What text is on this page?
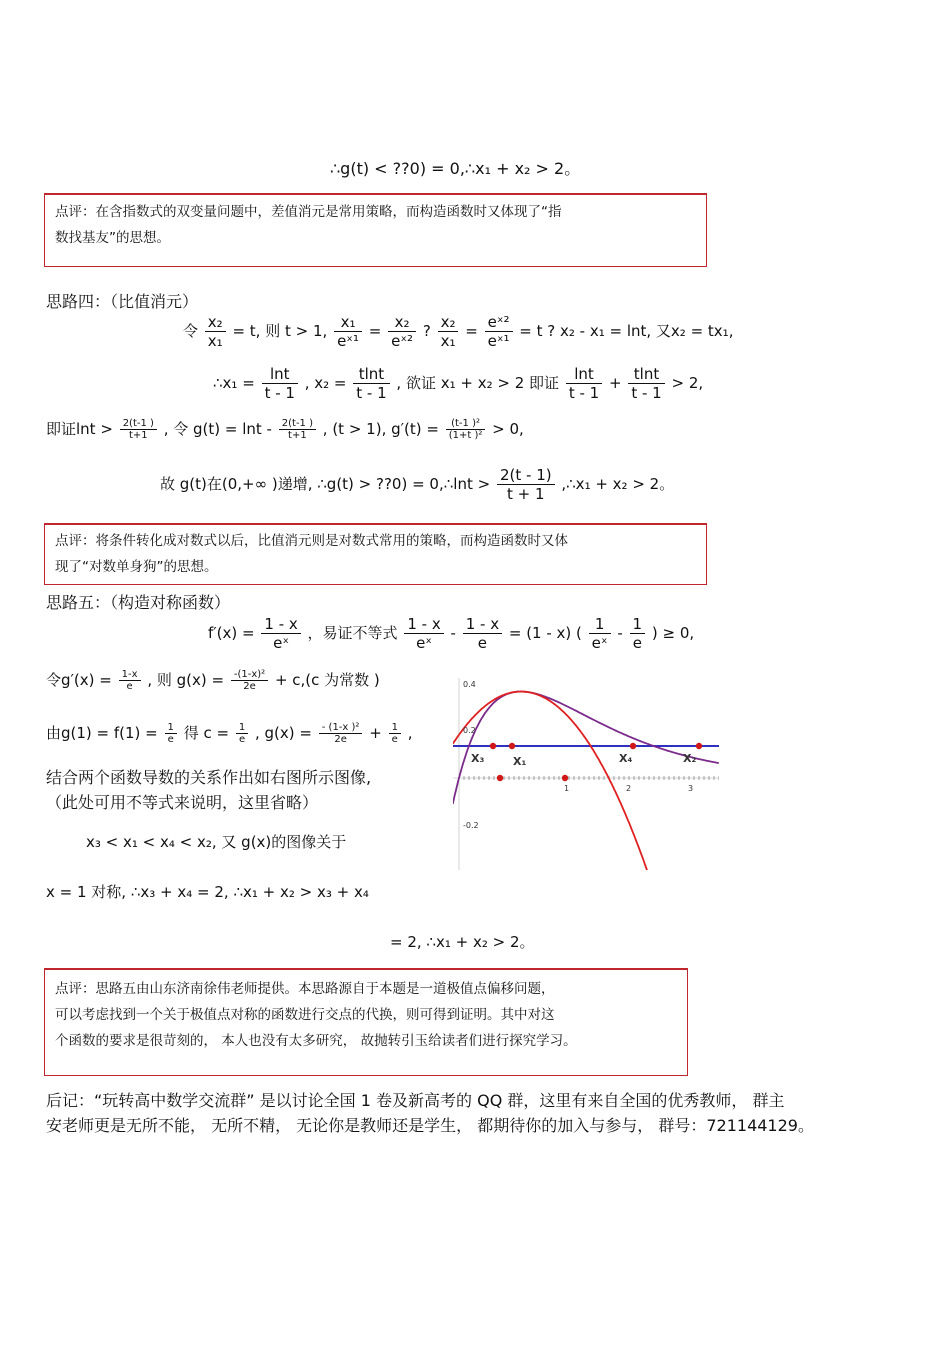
∴g(t) < ??0) = 0,∴x₁ + x₂ > 2。
点评：在含指数式的双变量问题中，差值消元是常用策略，而构造函数时又体现了“指
数找基友”的思想。
思路四：（比值消元）
令 $\frac{\text{x₂}}{\text{x₁}} = t$, 则 t > 1, $\frac{\text{x₁}}{\text{eˣ¹}} = \frac{\text{x₂}}{\text{eˣ²}}$ ? $\frac{\text{x₂}}{\text{x₁}} = \frac{\text{eˣ²}}{\text{eˣ¹}} = t$ ? x₂ - x₁ = lnt, 又x₂ = tx₁,
∴x₁ = $\frac{\ln t}{t - 1}$ , $x_2 = \frac{tlnt}{t - 1}$ , 欲证 x₁ + x₂ > 2 即证 $\frac{\ln t}{t - 1} + \frac{tlnt}{t - 1} > 2$,
即证$\ln t > \frac{2(t-1 )}{t+1}$ , 令 $g(t) = \ln t - \frac{2(t-1 )}{t+1}$ , (t > 1), $g'(t) = \frac{\text{(t-1 )²}}{\text{(1+t )²}} > 0$,
故 g(t)在(0,+∞ )递增, ∴g(t) > ??0) = 0,∴lnt > $\frac{2(t - 1)}{t + 1}$ ,∴x₁ + x₂ > 2。
点评：将条件转化成对数式以后，比值消元则是对数式常用的策略，而构造函数时又体
现了“对数单身狗”的思想。
思路五：（构造对称函数）
$f'(x) = \frac{1 - x}{\text{eˣ}}$ ，易证不等式 $\frac{1 - x}{\text{eˣ}} - \frac{1 - x}{e} = (1 - x)$ ( $\frac{1}{\text{eˣ}} - \frac{1}{e}$ ) ≥ 0,
令$g'(x) = \frac{1-x}{e}$ , 则 $g(x) = \frac{\text{-(1-x)²}}{2e} + c,(c$ 为常数 )
由$g(1) = f(1) = \frac{1}{e}$ 得 $c = \frac{1}{e}$ , $g(x) = \frac{\text{- (1-x )²}}{2e} + \frac{1}{e}$ ,
结合两个函数导数的关系作出如右图所示图像,
（此处可用不等式来说明，这里省略）
x₃ < x₁ < x₄ < x₂, 又 g(x)的图像关于
x = 1 对称, ∴x₃ + x₄ = 2, ∴x₁ + x₂ > x₃ + x₄
= 2, ∴x₁ + x₂ > 2。
0.4
0.2
-0.2
1	2	3
X₃	X₁	X₄	X₂
点评：思路五由山东济南徐伟老师提供。本思路源自于本题是一道极值点偏移问题，
可以考虑找到一个关于极值点对称的函数进行交点的代换，则可得到证明。其中对这
个函数的要求是很苛刻的， 本人也没有太多研究， 故抛转引玉给读者们进行探究学习。
后记：“玩转高中数学交流群” 是以讨论全国 1 卷及新高考的 QQ 群，这里有来自全国的优秀教师， 群主
安老师更是无所不能， 无所不精， 无论你是教师还是学生， 都期待你的加入与参与， 群号：721144129。
